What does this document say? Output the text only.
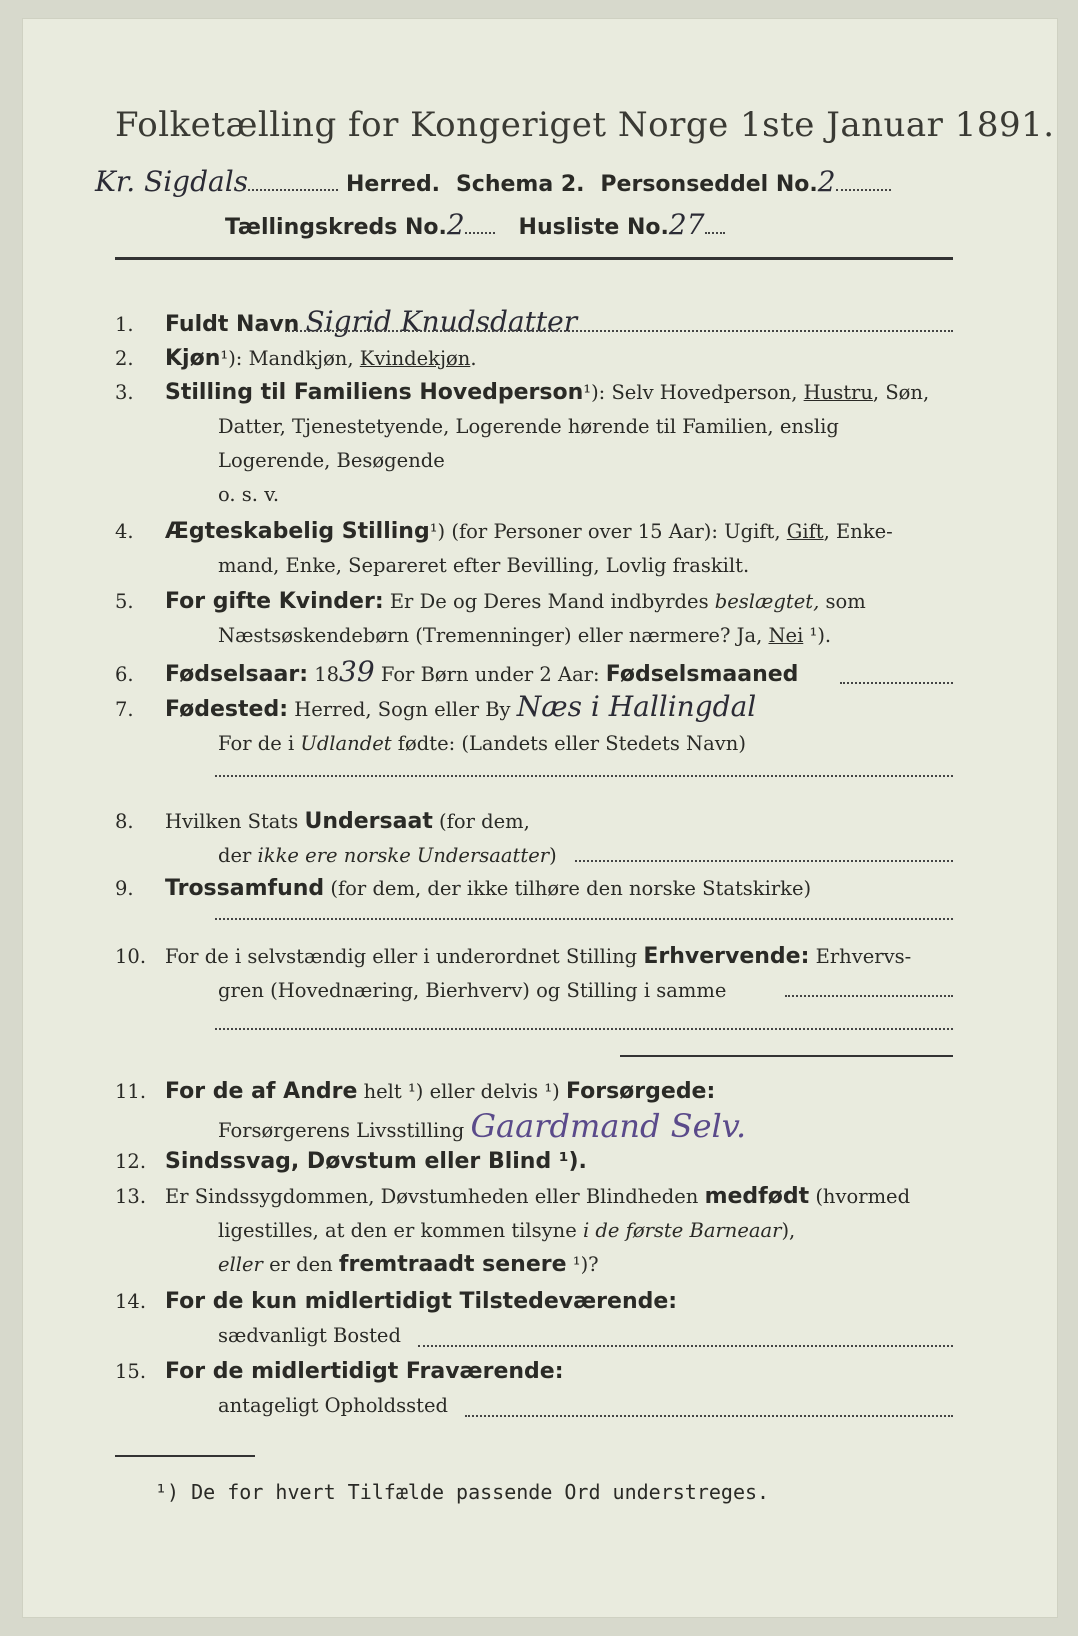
Folketælling for Kongeriget Norge 1ste Januar 1891.
Kr. Sigdals	Herred. Schema 2. Personseddel No.2
Tællingskreds No.2 Husliste No.27
1. Fuldt Navn Sigrid Knudsdatter
2. Kjøn¹): Mandkjøn, Kvindekjøn.
3. Stilling til Familiens Hovedperson¹): Selv Hovedperson, Hustru, Søn,
Datter, Tjenestetyende, Logerende hørende til Familien, enslig
Logerende, Besøgende
o. s. v.
4. Ægteskabelig Stilling¹) (for Personer over 15 Aar): Ugift, Gift, Enke-
mand, Enke, Separeret efter Bevilling, Lovlig fraskilt.
5. For gifte Kvinder: Er De og Deres Mand indbyrdes beslægtet, som
Næstsøskendebørn (Tremenninger) eller nærmere? Ja, Nei ¹).
6. Fødselsaar: 1839 For Børn under 2 Aar: Fødselsmaaned
7. Fødested: Herred, Sogn eller By Næs i Hallingdal
For de i Udlandet fødte: (Landets eller Stedets Navn)
8. Hvilken Stats Undersaat (for dem,
der ikke ere norske Undersaatter)
9. Trossamfund (for dem, der ikke tilhøre den norske Statskirke)
10. For de i selvstændig eller i underordnet Stilling Erhvervende: Erhvervs-
gren (Hovednæring, Bierhverv) og Stilling i samme
11. For de af Andre helt ¹) eller delvis ¹) Forsørgede:
Forsørgerens Livsstilling Gaardmand Selv.
12. Sindssvag, Døvstum eller Blind ¹).
13. Er Sindssygdommen, Døvstumheden eller Blindheden medfødt (hvormed
ligestilles, at den er kommen tilsyne i de første Barneaar),
eller er den fremtraadt senere ¹)?
14. For de kun midlertidigt Tilstedeværende:
sædvanligt Bosted
15. For de midlertidigt Fraværende:
antageligt Opholdssted
¹) De for hvert Tilfælde passende Ord understreges.
